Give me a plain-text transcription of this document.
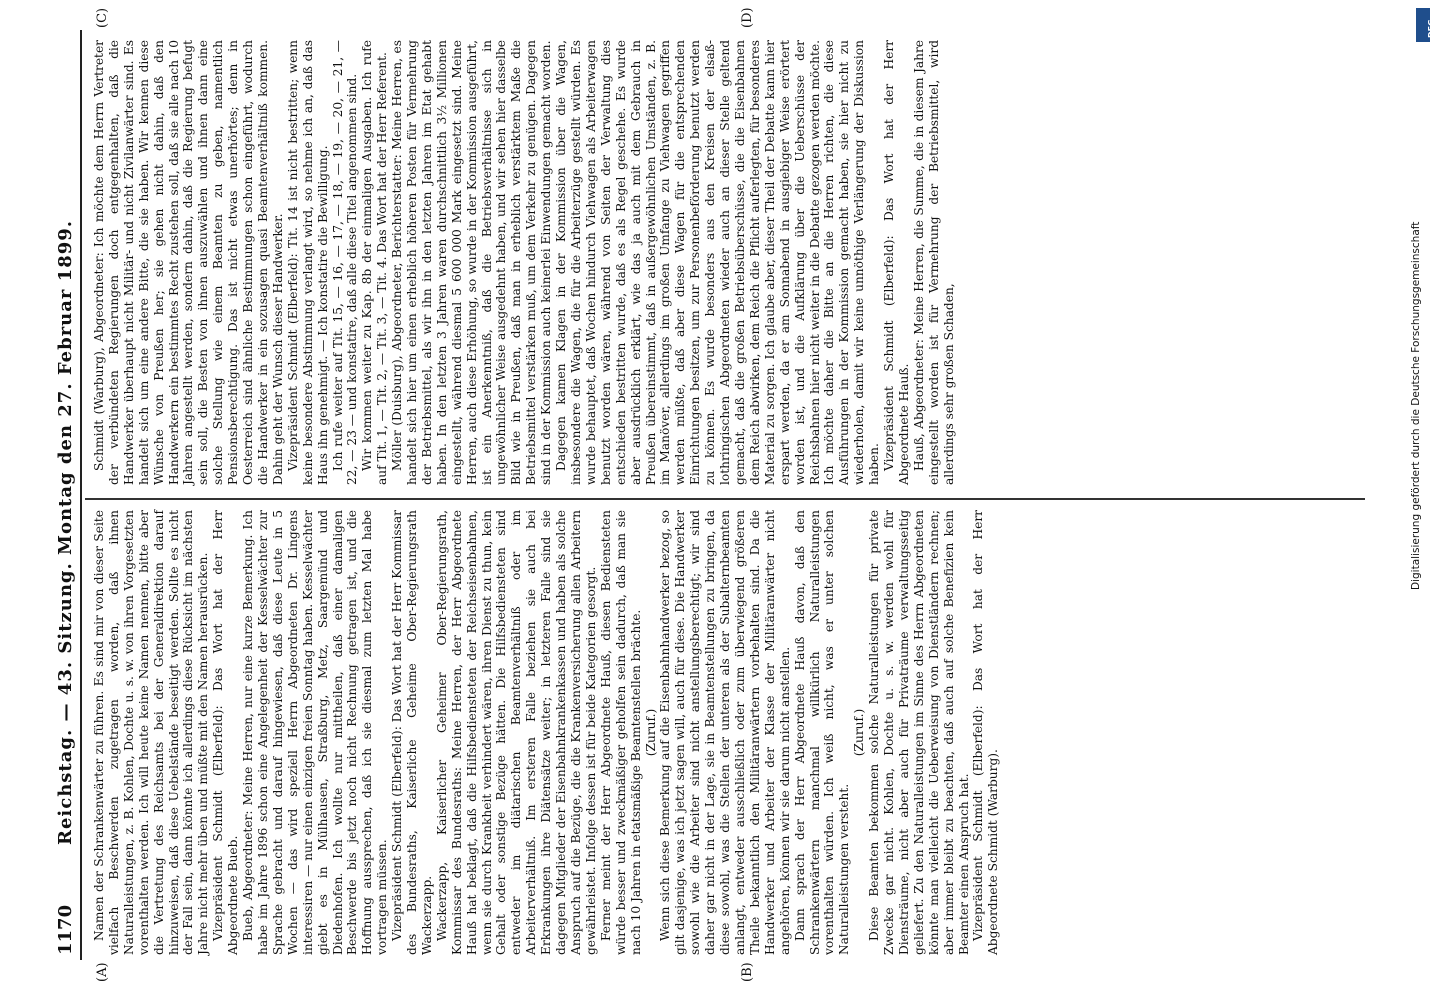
1170
Reichstag. — 43. Sitzung. Montag den 27. Februar 1899. Namen der Schrankenwärter zu führen. Es sind mir von dieser Seite vielfach Beschwerden zugetragen worden, daß ihnen Naturalleistungen, z. B. Kohlen, Dochte u. s. w. von ihren Vorgesetzten vorenthalten werden. Ich will heute keine Namen nennen, bitte aber die Vertretung des Reichsamts bei der Generaldirektion darauf hinzuweisen, daß diese Uebelstände beseitigt werden. Sollte es nicht der Fall sein, dann könnte ich allerdings diese Rücksicht im nächsten Jahre nicht mehr üben und müßte mit den Namen herausrücken. Vizepräsident Schmidt (Elberfeld): Das Wort hat der Herr Abgeordnete Bueb. Bueb, Abgeordneter: Meine Herren, nur eine kurze Bemerkung. Ich habe im Jahre 1896 schon eine Angelegenheit der Kesselwächter zur Sprache gebracht und darauf hingewiesen, daß diese Leute in 5 Wochen — das wird speziell Herrn Abgeordneten Dr. Lingens interessiren — nur einen einzigen freien Sonntag haben. Kesselwächter giebt es in Mülhausen, Straßburg, Metz, Saargemünd und Diedenhofen. Ich wollte nur mittheilen, daß einer damaligen Beschwerde bis jetzt noch nicht Rechnung getragen ist, und die Hoffnung aussprechen, daß ich sie diesmal zum letzten Mal habe vortragen müssen. Vizepräsident Schmidt (Elberfeld): Das Wort hat der Herr Kommissar des Bundesraths, Kaiserliche Geheime Ober-Regierungsrath Wackerzapp. Wackerzapp, Kaiserlicher Geheimer Ober-Regierungsrath, Kommissar des Bundesraths: Meine Herren, der Herr Abgeordnete Hauß hat beklagt, daß die Hilfsbediensteten der Reichseisenbahnen, wenn sie durch Krankheit verhindert wären, ihren Dienst zu thun, kein Gehalt oder sonstige Bezüge hätten. Die Hilfsbediensteten sind entweder im diätarischen Beamtenverhältniß oder im Arbeiterverhältniß. Im ersteren Falle beziehen sie auch bei Erkrankungen ihre Diätensätze weiter; in letzteren Falle sind sie dagegen Mitglieder der Eisenbahnkrankenkassen und haben als solche Anspruch auf die Bezüge, die die Krankenversicherung allen Arbeitern gewährleistet. Infolge dessen ist für beide Kategorien gesorgt. Ferner meint der Herr Abgeordnete Hauß, diesen Bediensteten würde besser und zweckmäßiger geholfen sein dadurch, daß man sie nach 10 Jahren in etatsmäßige Beamtenstellen brächte. (Zuruf.) Wenn sich diese Bemerkung auf die Eisenbahnhandwerker bezog, so gilt dasjenige, was ich jetzt sagen will, auch für diese. Die Handwerker sowohl wie die Arbeiter sind nicht anstellungsberechtigt; wir sind daher gar nicht in der Lage, sie in Beamtenstellungen zu bringen, da diese sowohl, was die Stellen der unteren als der Subalternbeamten anlangt, entweder ausschließlich oder zum überwiegend größeren Theile bekanntlich den Militäranwärtern vorbehalten sind. Da die Handwerker und Arbeiter der Klasse der Militäranwärter nicht angehören, können wir sie darum nicht anstellen. Dann sprach der Herr Abgeordnete Hauß davon, daß den Schrankenwärtern manchmal willkürlich Naturalleistungen vorenthalten würden. Ich weiß nicht, was er unter solchen Naturalleistungen versteht.

(Zuruf.) Diese Beamten bekommen solche Naturalleistungen für private Zwecke gar nicht. Kohlen, Dochte u. s. w. werden wohl für Diensträume, nicht aber auch für Privaträume verwaltungsseitig geliefert. Zu den Naturalleistungen im Sinne des Herrn Abgeordneten könnte man vielleicht die Ueberweisung von Dienstländern rechnen; aber immer bleibt zu beachten, daß auch auf solche Benefizien kein Beamter einen Anspruch hat. Vizepräsident Schmidt (Elberfeld): Das Wort hat der Herr Abgeordnete Schmidt (Warburg).

Schmidt (Warburg), Abgeordneter: Ich möchte dem Herrn Vertreter der verbündeten Regierungen doch entgegenhalten, daß die Handwerker überhaupt nicht Militär- und nicht Zivilanwärter sind. Es handelt sich um eine andere Bitte, die sie haben. Wir kennen diese Wünsche von Preußen her; sie gehen nicht dahin, daß den Handwerkern ein bestimmtes Recht zustehen soll, daß sie alle nach 10 Jahren angestellt werden, sondern dahin, daß die Regierung befugt sein soll, die Besten von ihnen auszuwählen und ihnen dann eine solche Stellung wie einem Beamten zu geben, namentlich Pensionsberechtigung. Das ist nicht etwas unerhörtes; denn in Oesterreich sind ähnliche Bestimmungen schon eingeführt, wodurch die Handwerker in ein sozusagen quasi Beamtenverhältniß kommen. Dahin geht der Wunsch dieser Handwerker. Vizepräsident Schmidt (Elberfeld): Tit. 14 ist nicht bestritten; wenn keine besondere Abstimmung verlangt wird, so nehme ich an, daß das Haus ihn genehmigt. — Ich konstatire die Bewilligung. Ich rufe weiter auf Tit. 15, — 16, — 17, — 18, — 19, — 20, — 21, — 22, — 23 — und konstatire, daß alle diese Titel angenommen sind. Wir kommen weiter zu Kap. 8b der einmaligen Ausgaben. Ich rufe auf Tit. 1, — Tit. 2, — Tit. 3, — Tit. 4. Das Wort hat der Herr Referent. Möller (Duisburg), Abgeordneter, Berichterstatter: Meine Herren, es handelt sich hier um einen erheblich höheren Posten für Vermehrung der Betriebsmittel, als wir ihn in den letzten Jahren im Etat gehabt haben. In den letzten 3 Jahren waren durchschnittlich 3½ Millionen eingestellt, während diesmal 5 600 000 Mark eingesetzt sind. Meine Herren, auch diese Erhöhung, so wurde in der Kommission ausgeführt, ist ein Anerkenntniß, daß die Betriebsverhältnisse sich in ungewöhnlicher Weise ausgedehnt haben, und wir sehen hier dasselbe Bild wie in Preußen, daß man in erheblich verstärktem Maße die Betriebsmittel verstärken muß, um dem Verkehr zu genügen. Dagegen sind in der Kommission auch keinerlei Einwendungen gemacht worden. Dagegen kamen Klagen in der Kommission über die Wagen, insbesondere die Wagen, die für die Arbeiterzüge gestellt würden. Es wurde behauptet, daß Wochen hindurch Viehwagen als Arbeiterwagen benutzt worden wären, während von Seiten der Verwaltung dies entschieden bestritten wurde, daß es als Regel geschehe. Es wurde aber ausdrücklich erklärt, wie das ja auch mit dem Gebrauch in Preußen übereinstimmt, daß in außergewöhnlichen Umständen, z. B. im Manöver, allerdings im großen Umfange zu Viehwagen gegriffen werden müßte, daß aber diese Wagen für die entsprechenden Einrichtungen besitzen, um zur Personenbeförderung benutzt werden zu können. Es wurde besonders aus den Kreisen der elsaß-lothringischen Abgeordneten wieder auch an dieser Stelle geltend gemacht, daß die großen Betriebsüberschüsse, die die Eisenbahnen dem Reich abwirken, dem Reich die Pflicht auferlegten, für besonderes Material zu sorgen. Ich glaube aber, dieser Theil der Debatte kann hier erspart werden, da er am Sonnabend in ausgiebiger Weise erörtert worden ist, und die Aufklärung über die Ueberschüsse der Reichsbahnen hier nicht weiter in die Debatte gezogen werden möchte. Ich möchte daher die Bitte an die Herren richten, die diese Ausführungen in der Kommission gemacht haben, sie hier nicht zu wiederholen, damit wir keine unnöthige Verlängerung der Diskussion haben. Vizepräsident Schmidt (Elberfeld): Das Wort hat der Herr Abgeordnete Hauß. Hauß, Abgeordneter: Meine Herren, die Summe, die in diesem Jahre eingestellt worden ist für Vermehrung der Betriebsmittel, wird allerdings sehr großen Schaden,

(A)	(B)
(C)	(D)
Digitalisierung gefördert durch die Deutsche Forschungsgemeinschaft
DFG
